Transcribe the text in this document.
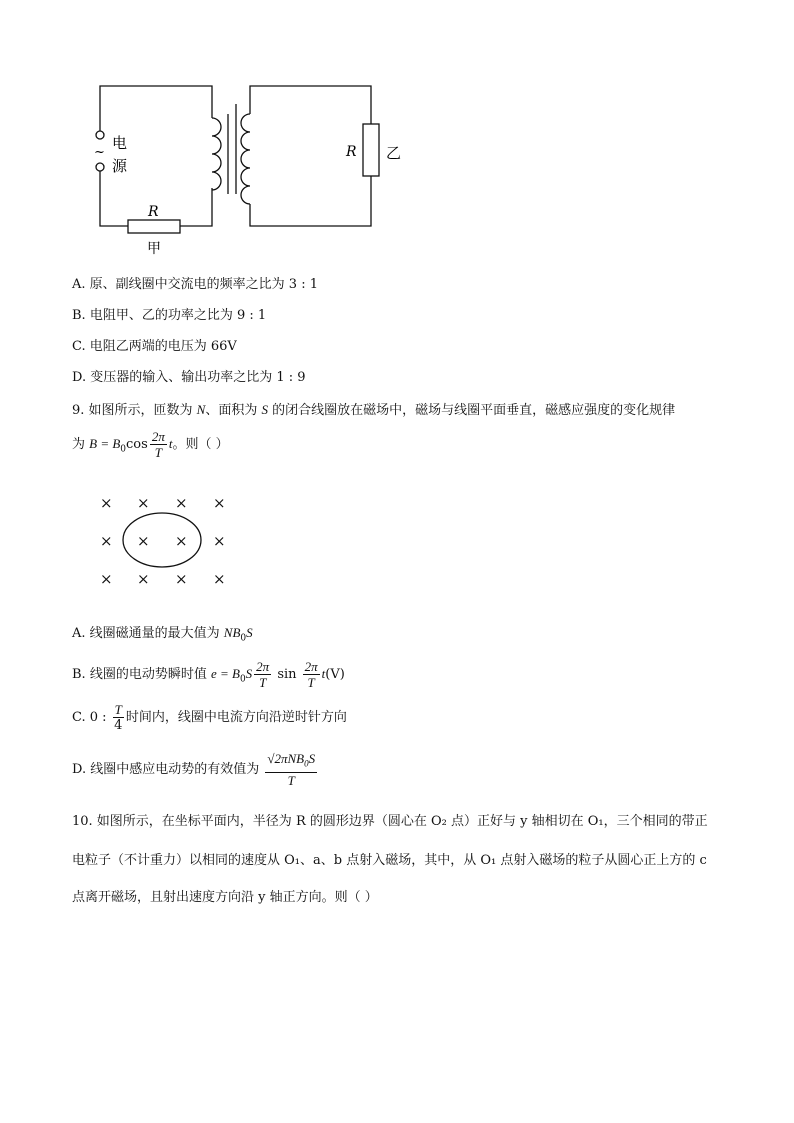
~
电
源
R
甲
R 乙
A. 原、副线圈中交流电的频率之比为 3 : 1
B. 电阻甲、乙的功率之比为 9 : 1
C. 电阻乙两端的电压为 66V
D. 变压器的输入、输出功率之比为 1 : 9
9. 如图所示，匝数为 N、面积为 S 的闭合线圈放在磁场中，磁场与线圈平面垂直，磁感应强度的变化规律
为 $B = B_0\cos \frac{2\pi}{T}$ t。则（ ）
× × × ×
× × × ×
× × × ×
A. 线圈磁通量的最大值为 $NB_0S$
B. 线圈的电动势瞬时值 $e = B_0S \frac{2\pi}{T}$ $\sin \frac{2\pi}{T} t(V)$
C. 0 : $\frac{T}{4}$ 时间内，线圈中电流方向沿逆时针方向
D. 线圈中感应电动势的有效值为 $\frac{√2\pi NB_0S}{T}$
10. 如图所示，在坐标平面内，半径为 R 的圆形边界（圆心在 O₂ 点）正好与 y 轴相切在 O₁，三个相同的带正
电粒子（不计重力）以相同的速度从 O₁、a、b 点射入磁场，其中，从 O₁ 点射入磁场的粒子从圆心正上方的 c
点离开磁场，且射出速度方向沿 y 轴正方向。则（ ）
